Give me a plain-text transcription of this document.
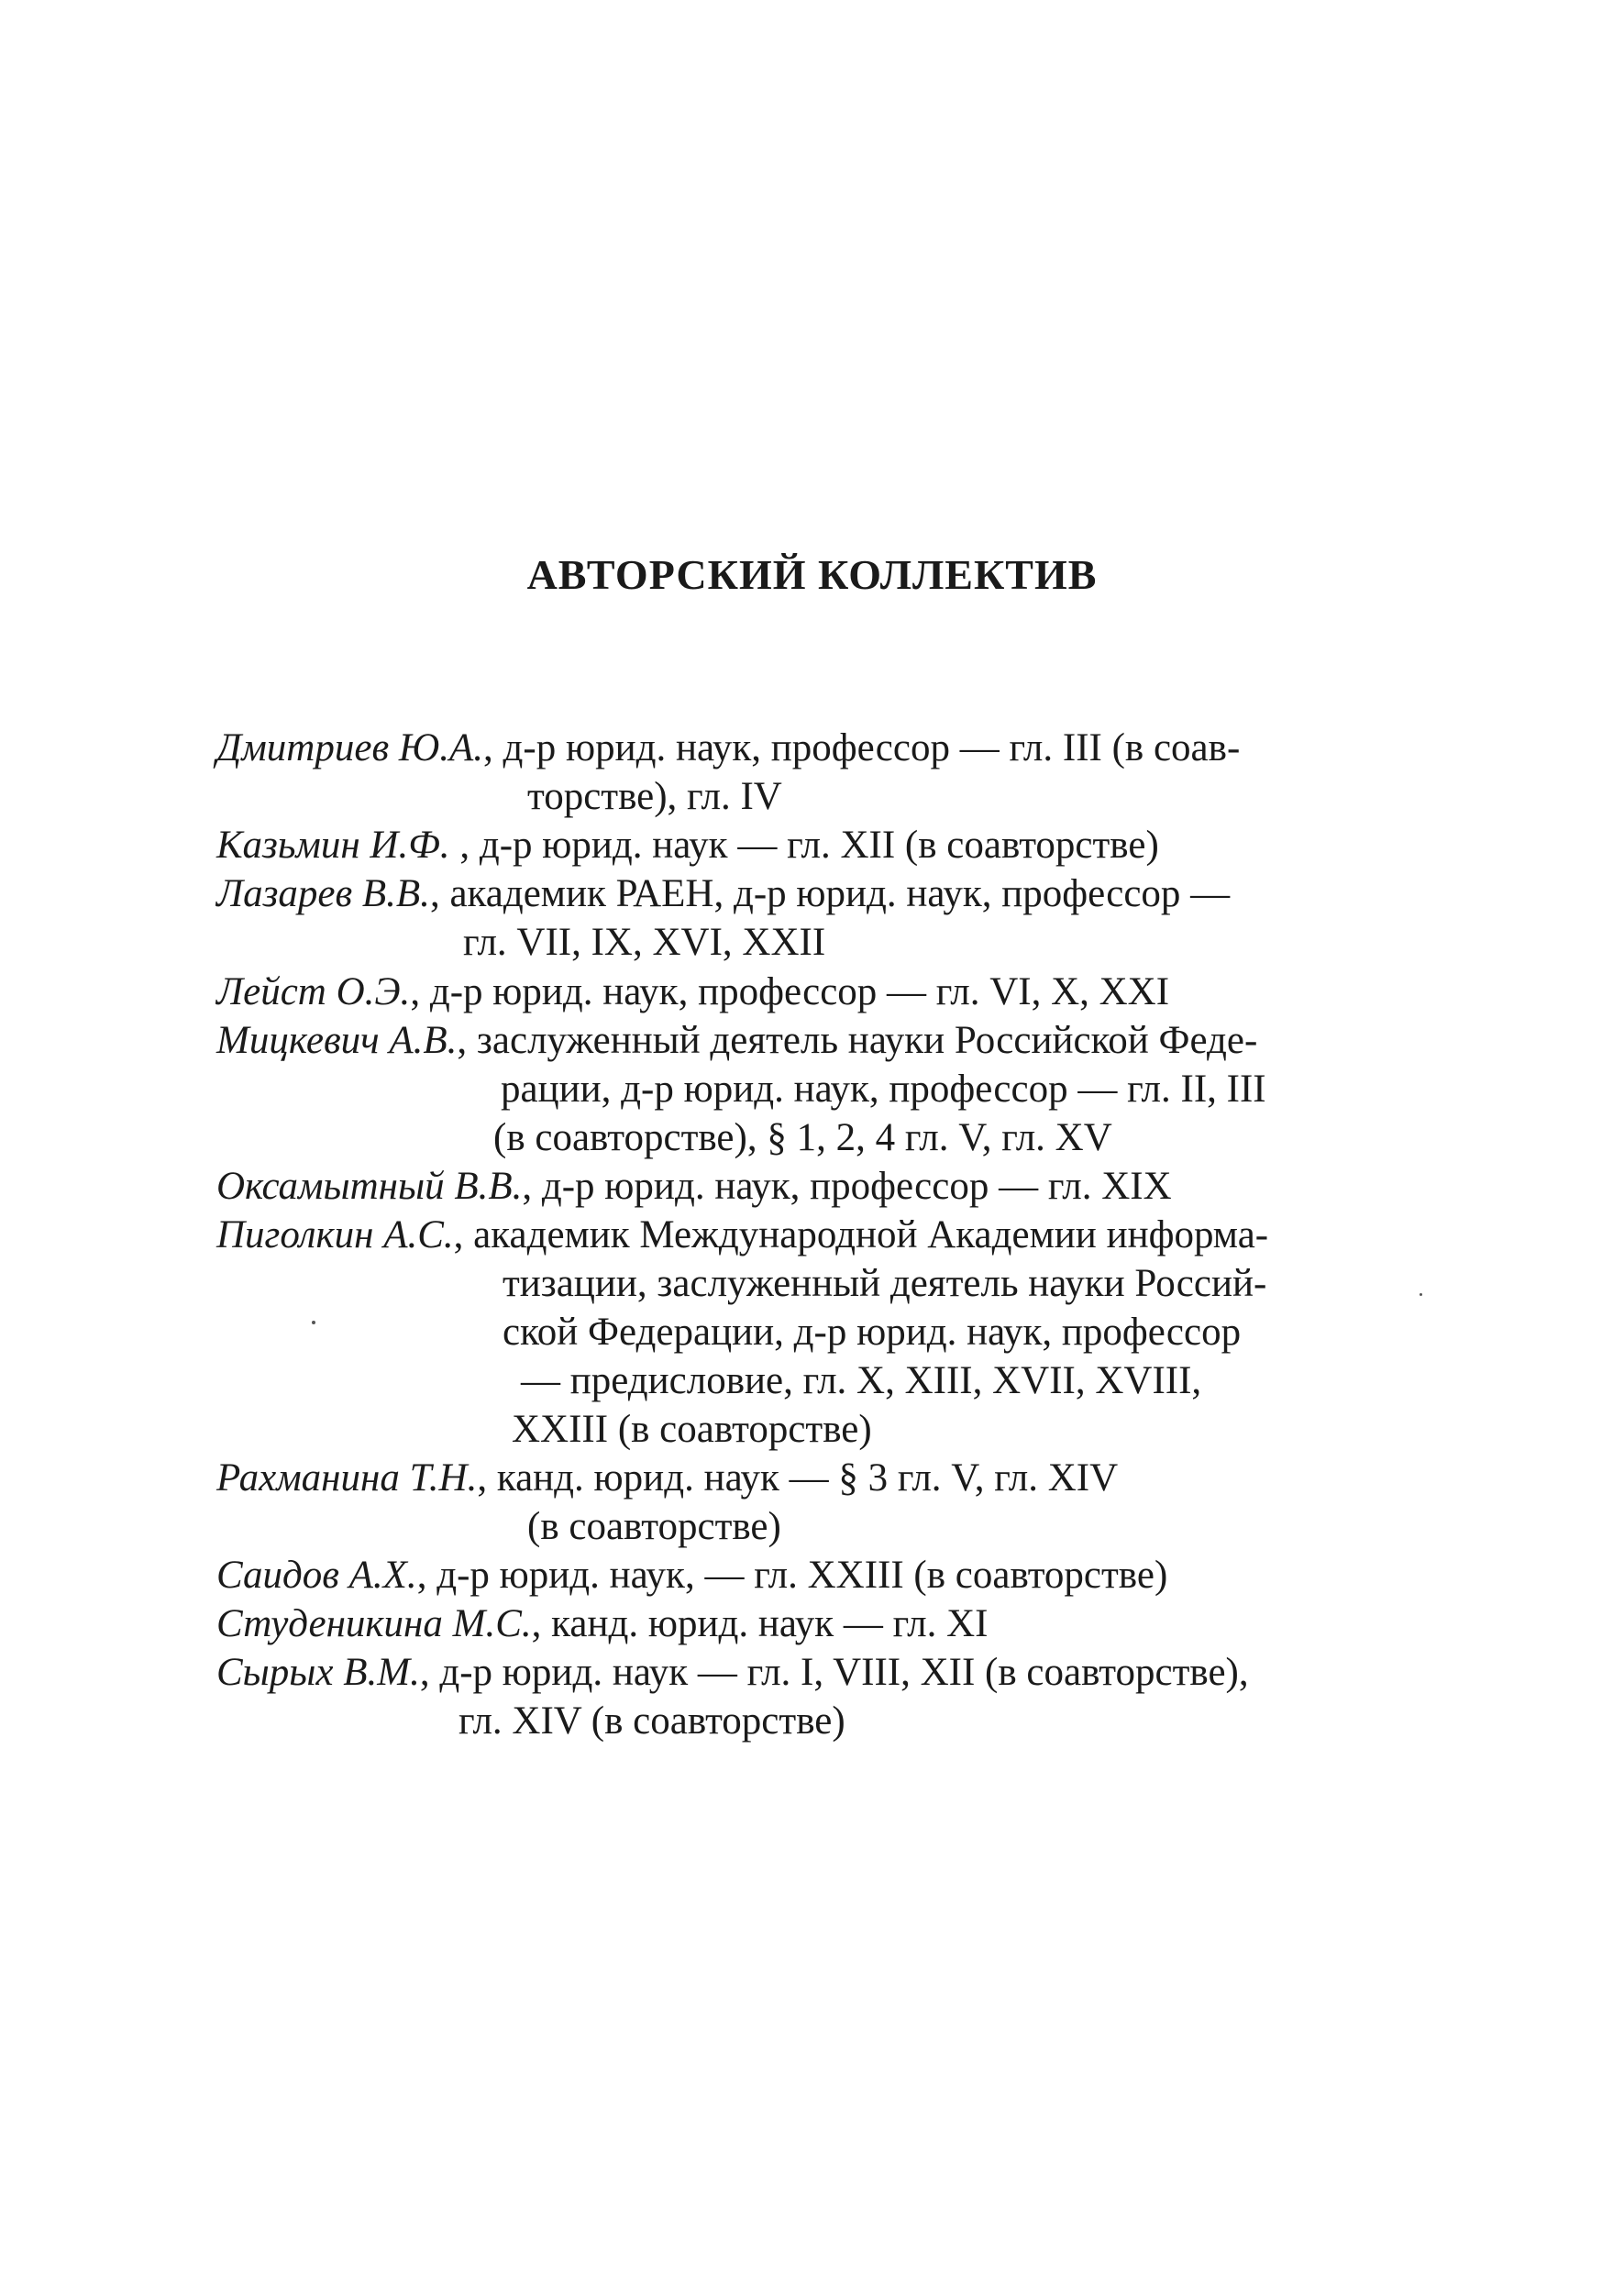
АВТОРСКИЙ КОЛЛЕКТИВ
Дмитриев Ю.А., д-р юрид. наук, профессор — гл. III (в соав-
торстве), гл. IV
Казьмин И.Ф. , д-р юрид. наук — гл. XII (в соавторстве)
Лазарев В.В., академик РАЕН, д-р юрид. наук, профессор —
гл. VII, IX, XVI, XXII
Лейст О.Э., д-р юрид. наук, профессор — гл. VI, X, XXI
Мицкевич А.В., заслуженный деятель науки Российской Феде-
рации, д-р юрид. наук, профессор — гл. II, III
(в соавторстве), § 1, 2, 4 гл. V, гл. XV
Оксамытный В.В., д-р юрид. наук, профессор — гл. XIX
Пиголкин А.С., академик Международной Академии информа-
тизации, заслуженный деятель науки Россий-
ской Федерации, д-р юрид. наук, профессор
— предисловие, гл. X, XIII, XVII, XVIII,
XXIII (в соавторстве)
Рахманина Т.Н., канд. юрид. наук — § 3 гл. V, гл. XIV
(в соавторстве)
Саидов А.Х., д-р юрид. наук, — гл. XXIII (в соавторстве)
Студеникина М.С., канд. юрид. наук — гл. XI
Сырых В.М., д-р юрид. наук — гл. I, VIII, XII (в соавторстве),
гл. XIV (в соавторстве)
